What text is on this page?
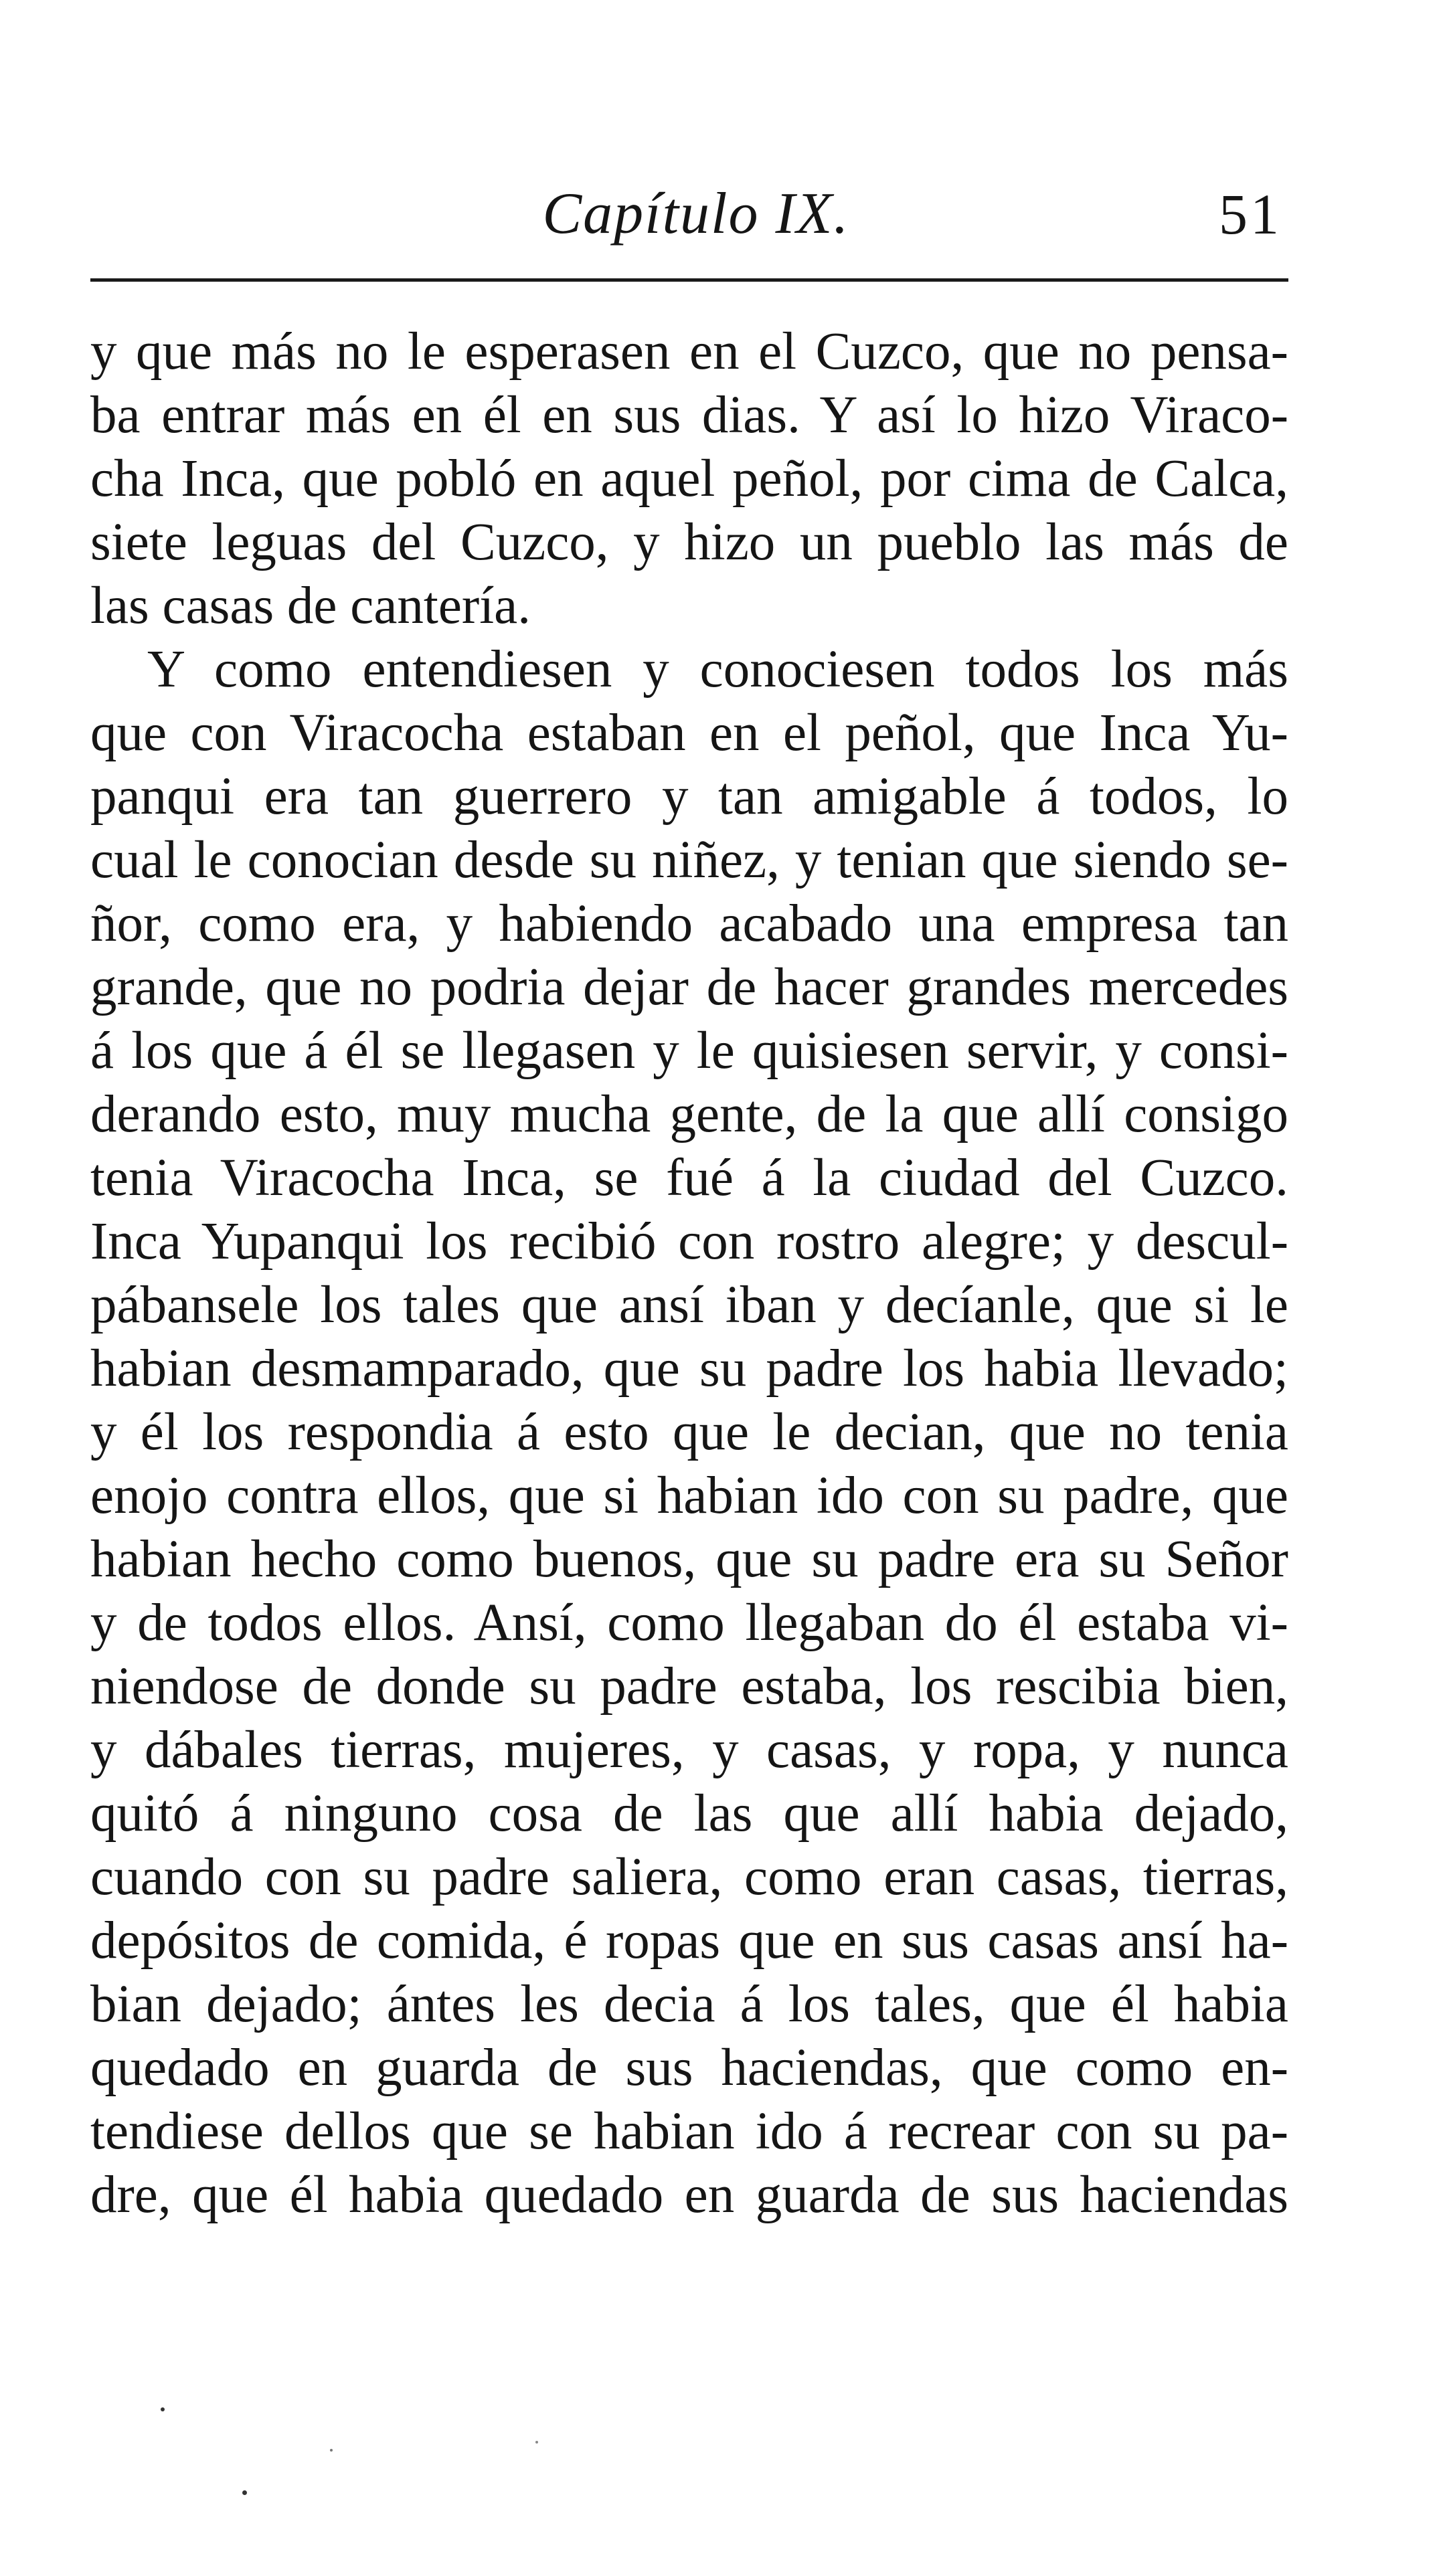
Capítulo IX.	51
y que más no le esperasen en el Cuzco, que no pensa-
ba entrar más en él en sus dias. Y así lo hizo Viraco-
cha Inca, que pobló en aquel peñol, por cima de Calca,
siete leguas del Cuzco, y hizo un pueblo las más de
las casas de cantería.
Y como entendiesen y conociesen todos los más
que con Viracocha estaban en el peñol, que Inca Yu-
panqui era tan guerrero y tan amigable á todos, lo
cual le conocian desde su niñez, y tenian que siendo se-
ñor, como era, y habiendo acabado una empresa tan
grande, que no podria dejar de hacer grandes mercedes
á los que á él se llegasen y le quisiesen servir, y consi-
derando esto, muy mucha gente, de la que allí consigo
tenia Viracocha Inca, se fué á la ciudad del Cuzco.
Inca Yupanqui los recibió con rostro alegre; y descul-
pábansele los tales que ansí iban y decíanle, que si le
habian desmamparado, que su padre los habia llevado;
y él los respondia á esto que le decian, que no tenia
enojo contra ellos, que si habian ido con su padre, que
habian hecho como buenos, que su padre era su Señor
y de todos ellos. Ansí, como llegaban do él estaba vi-
niendose de donde su padre estaba, los rescibia bien,
y dábales tierras, mujeres, y casas, y ropa, y nunca
quitó á ninguno cosa de las que allí habia dejado,
cuando con su padre saliera, como eran casas, tierras,
depósitos de comida, é ropas que en sus casas ansí ha-
bian dejado; ántes les decia á los tales, que él habia
quedado en guarda de sus haciendas, que como en-
tendiese dellos que se habian ido á recrear con su pa-
dre, que él habia quedado en guarda de sus haciendas
